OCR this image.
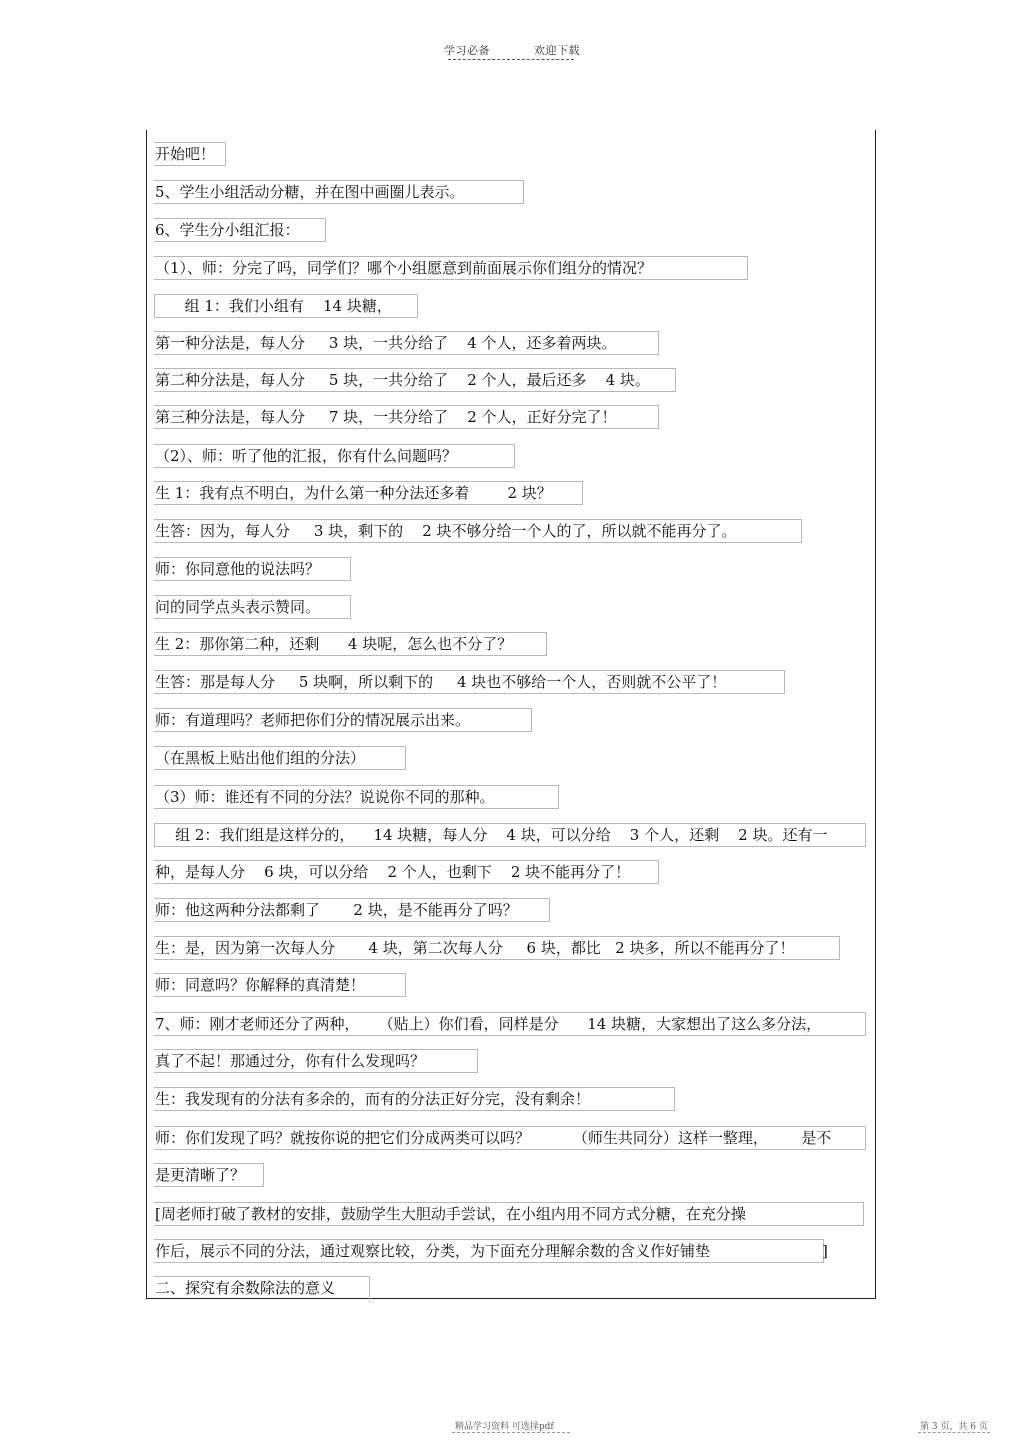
学习必备	欢迎下载
开始吧！
5、学生小组活动分糖，并在图中画圈儿表示。
6、学生分小组汇报：
（1）、师：分完了吗，同学们？哪个小组愿意到前面展示你们组分的情况？
组 1：我们小组有    14 块糖，
第一种分法是，每人分     3 块，一共分给了    4 个人，还多着两块。
第二种分法是，每人分     5 块，一共分给了    2 个人，最后还多    4 块。
第三种分法是，每人分     7 块，一共分给了    2 个人，正好分完了！
（2）、师：听了他的汇报，你有什么问题吗？
生 1：我有点不明白，为什么第一种分法还多着        2 块？
生答：因为，每人分     3 块，剩下的    2 块不够分给一个人的了，所以就不能再分了。
师：你同意他的说法吗？
问的同学点头表示赞同。
生 2：那你第二种，还剩      4 块呢，怎么也不分了？
生答：那是每人分     5 块啊，所以剩下的     4 块也不够给一个人，否则就不公平了！
师：有道理吗？老师把你们分的情况展示出来。
（在黑板上贴出他们组的分法）
（3）师：谁还有不同的分法？说说你不同的那种。
组 2：我们组是这样分的，    14 块糖，每人分    4 块，可以分给    3 个人，还剩    2 块。还有一
种，是每人分    6 块，可以分给    2 个人，也剩下    2 块不能再分了！
师：他这两种分法都剩了       2 块，是不能再分了吗？
生：是，因为第一次每人分       4 块，第二次每人分     6 块，都比   2 块多，所以不能再分了！
师：同意吗？你解释的真清楚！
7、师：刚才老师还分了两种，    （贴上）你们看，同样是分      14 块糖，大家想出了这么多分法，
真了不起！那通过分，你有什么发现吗？
生：我发现有的分法有多余的，而有的分法正好分完，没有剩余！
师：你们发现了吗？就按你说的把它们分成两类可以吗？         （师生共同分）这样一整理，       是不
是更清晰了？
[周老师打破了教材的安排，鼓励学生大胆动手尝试，在小组内用不同方式分糖，在充分操
作后，展示不同的分法，通过观察比较，分类，为下面充分理解余数的含义作好铺垫
二、探究有余数除法的意义
]
精品学习资料 可选择pdf	第 3 页，共 6 页
